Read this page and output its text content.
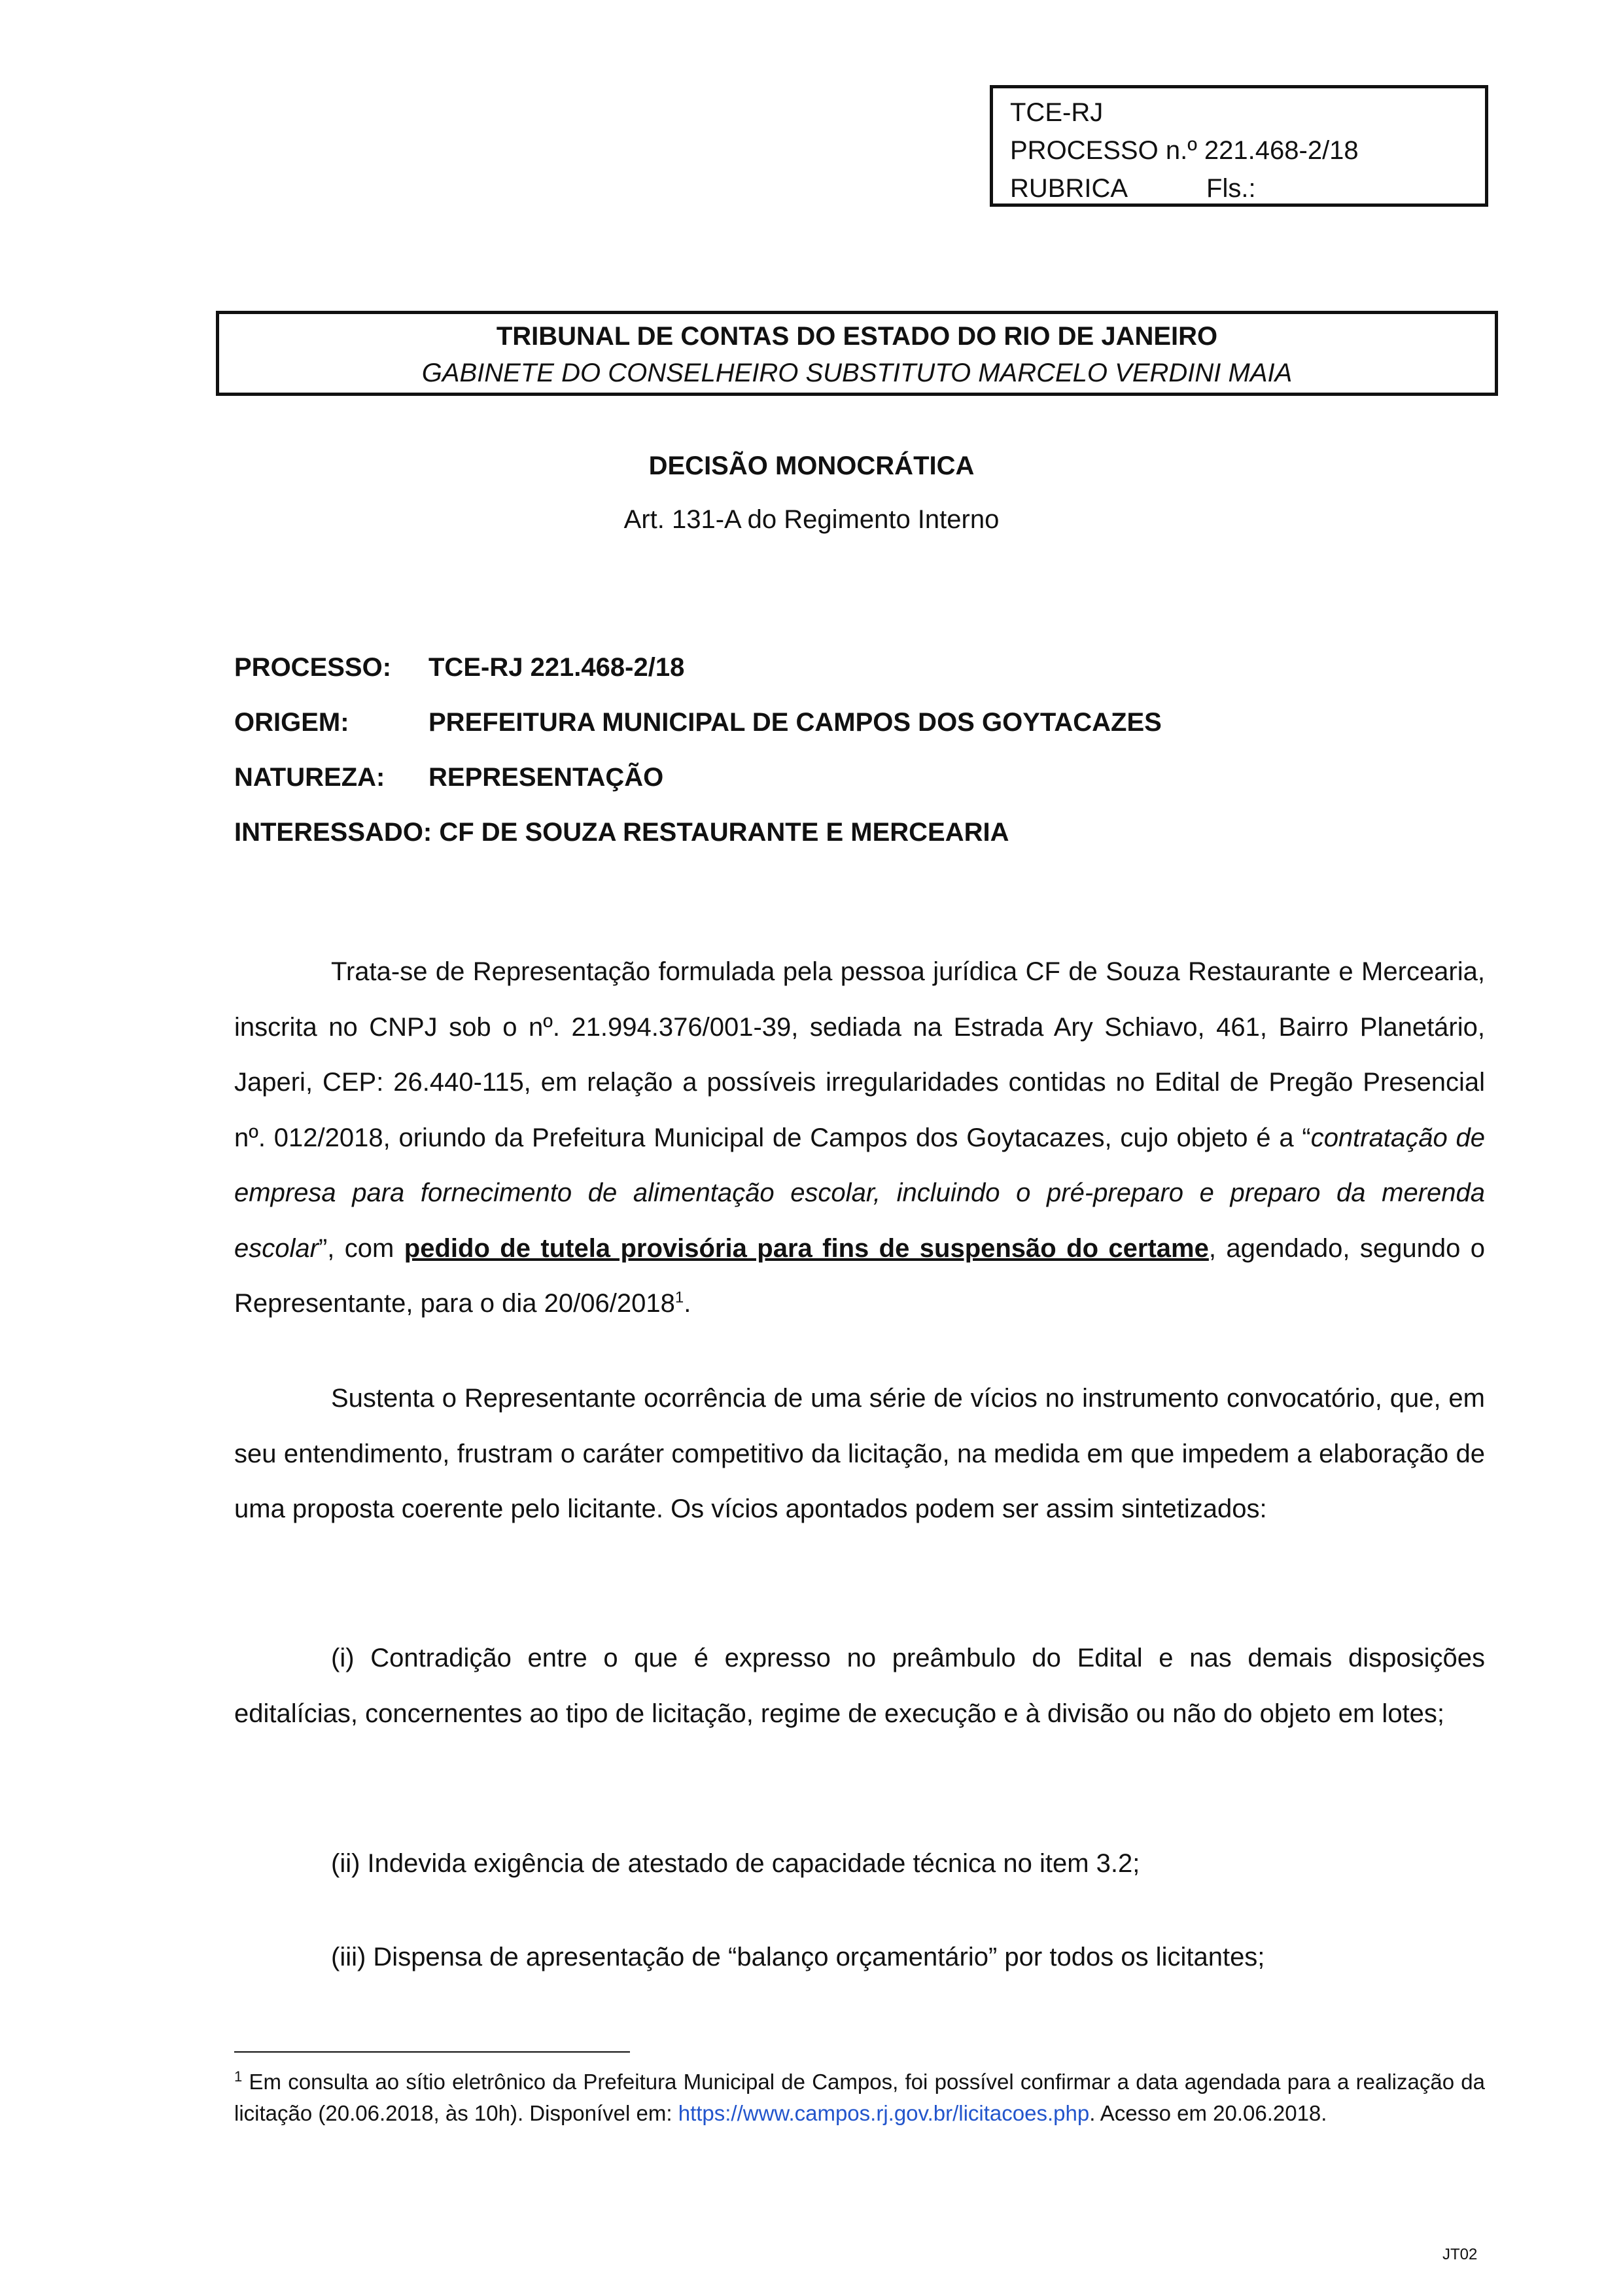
TCE-RJ
PROCESSO n.º 221.468-2/18
RUBRICA	Fls.:
TRIBUNAL DE CONTAS DO ESTADO DO RIO DE JANEIRO
GABINETE DO CONSELHEIRO SUBSTITUTO MARCELO VERDINI MAIA
DECISÃO MONOCRÁTICA
Art. 131-A do Regimento Interno
PROCESSO: TCE-RJ 221.468-2/18
ORIGEM:	PREFEITURA MUNICIPAL DE CAMPOS DOS GOYTACAZES
NATUREZA: REPRESENTAÇÃO
INTERESSADO: CF DE SOUZA RESTAURANTE E MERCEARIA

Trata-se de Representação formulada pela pessoa jurídica CF de Souza Restaurante e Mercearia, inscrita no CNPJ sob o nº. 21.994.376/001-39, sediada na Estrada Ary Schiavo, 461, Bairro Planetário, Japeri, CEP: 26.440-115, em relação a possíveis irregularidades contidas no Edital de Pregão Presencial nº. 012/2018, oriundo da Prefeitura Municipal de Campos dos Goytacazes, cujo objeto é a “contratação de empresa para fornecimento de alimentação escolar, incluindo o pré-preparo e preparo da merenda escolar”, com pedido de tutela provisória para fins de suspensão do certame, agendado, segundo o Representante, para o dia 20/06/2018$^1$.

Sustenta o Representante ocorrência de uma série de vícios no instrumento convocatório, que, em seu entendimento, frustram o caráter competitivo da licitação, na medida em que impedem a elaboração de uma proposta coerente pelo licitante. Os vícios apontados podem ser assim sintetizados:

(i) Contradição entre o que é expresso no preâmbulo do Edital e nas demais disposições editalícias, concernentes ao tipo de licitação, regime de execução e à divisão ou não do objeto em lotes;

(ii) Indevida exigência de atestado de capacidade técnica no item 3.2;

(iii) Dispensa de apresentação de “balanço orçamentário” por todos os licitantes;

$^1$ Em consulta ao sítio eletrônico da Prefeitura Municipal de Campos, foi possível confirmar a data agendada para a realização da licitação (20.06.2018, às 10h). Disponível em: https://www.campos.rj.gov.br/licitacoes.php. Acesso em 20.06.2018.
JT02
